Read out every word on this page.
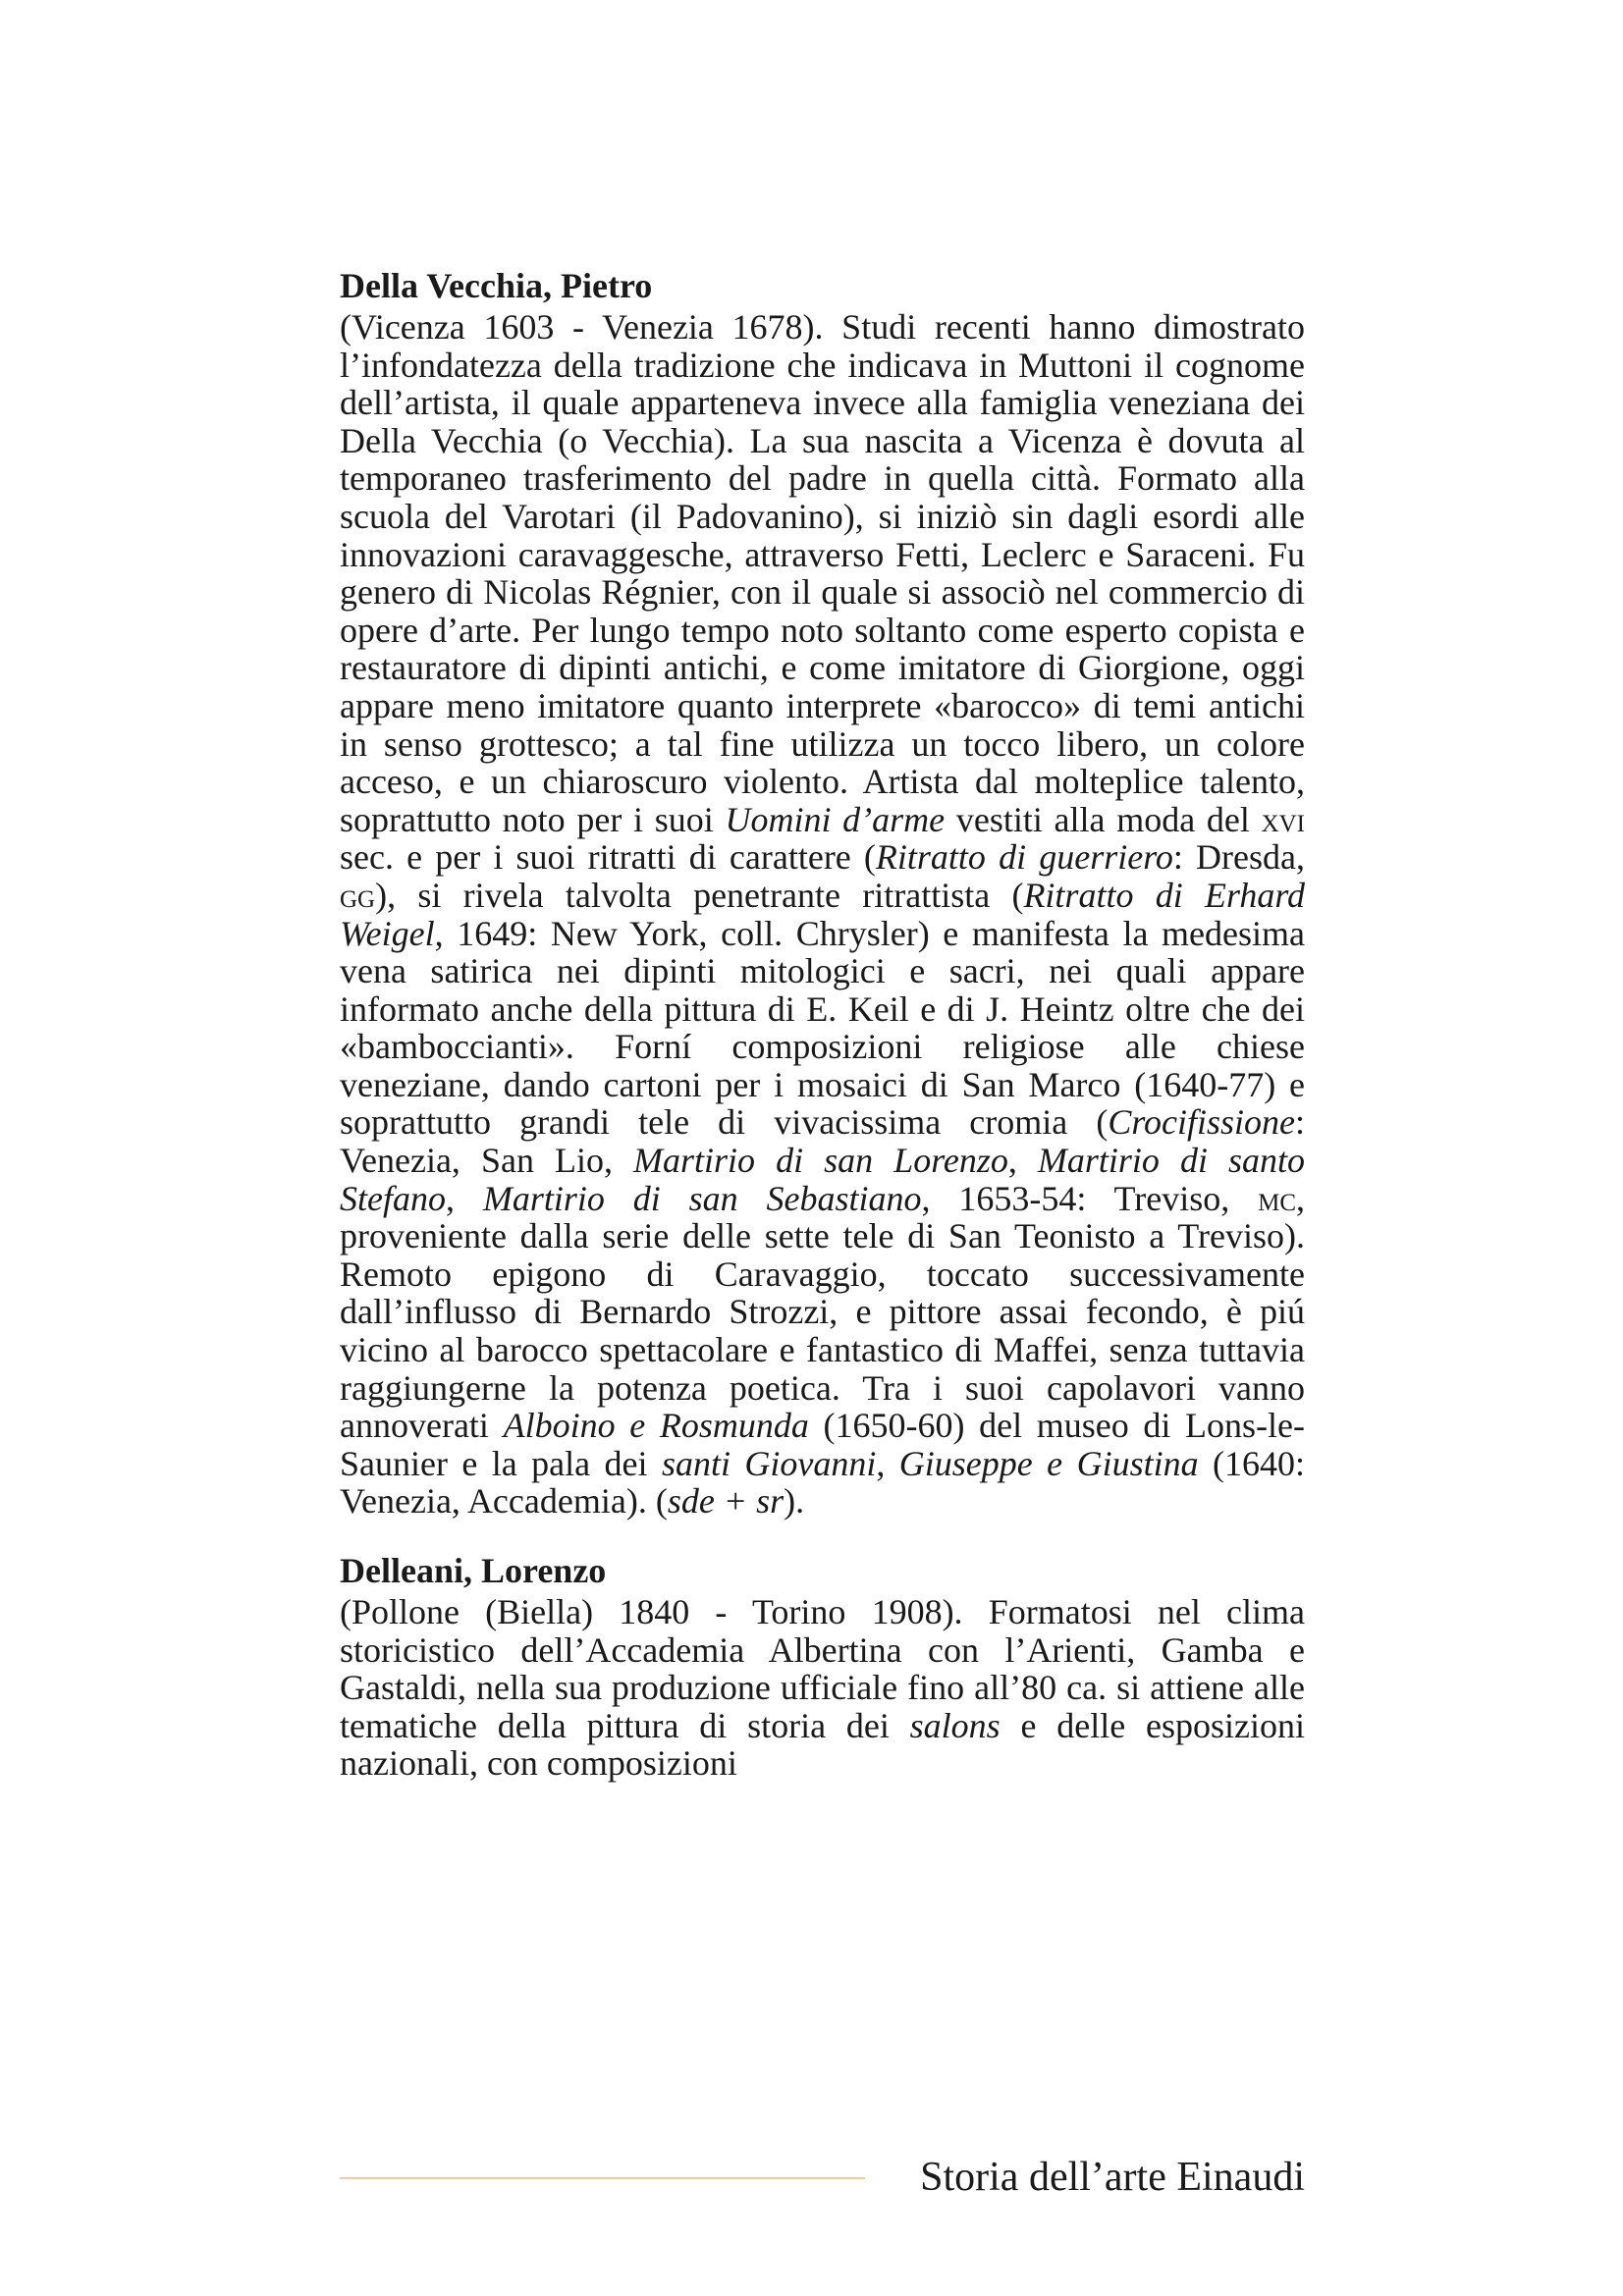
Della Vecchia, Pietro

(Vicenza 1603 - Venezia 1678). Studi recenti hanno dimostrato l’infondatezza della tradizione che indicava in Muttoni il cognome dell’artista, il quale apparteneva invece alla famiglia veneziana dei Della Vecchia (o Vecchia). La sua nascita a Vicenza è dovuta al temporaneo trasferimento del padre in quella città. Formato alla scuola del Varotari (il Padovanino), si iniziò sin dagli esordi alle innovazioni caravaggesche, attraverso Fetti, Leclerc e Saraceni. Fu genero di Nicolas Régnier, con il quale si associò nel commercio di opere d’arte. Per lungo tempo noto soltanto come esperto copista e restauratore di dipinti antichi, e come imitatore di Giorgione, oggi appare meno imitatore quanto interprete «barocco» di temi antichi in senso grottesco; a tal fine utilizza un tocco libero, un colore acceso, e un chiaroscuro violento. Artista dal molteplice talento, soprattutto noto per i suoi Uomini d’arme vestiti alla moda del xvi sec. e per i suoi ritratti di carattere (Ritratto di guerriero: Dresda, gg), si rivela talvolta penetrante ritrattista (Ritratto di Erhard Weigel, 1649: New York, coll. Chrysler) e manifesta la medesima vena satirica nei dipinti mitologici e sacri, nei quali appare informato anche della pittura di E. Keil e di J. Heintz oltre che dei «bamboccianti». Forní composizioni religiose alle chiese veneziane, dando cartoni per i mosaici di San Marco (1640-77) e soprattutto grandi tele di vivacissima cromia (Crocifissione: Venezia, San Lio, Martirio di san Lorenzo, Martirio di santo Stefano, Martirio di san Sebastiano, 1653-54: Treviso, mc, proveniente dalla serie delle sette tele di San Teonisto a Treviso). Remoto epigono di Caravaggio, toccato successivamente dall’influsso di Bernardo Strozzi, e pittore assai fecondo, è piú vicino al barocco spettacolare e fantastico di Maffei, senza tuttavia raggiungerne la potenza poetica. Tra i suoi capolavori vanno annoverati Alboino e Rosmunda (1650-60) del museo di Lons-le-Saunier e la pala dei santi Giovanni, Giuseppe e Giustina (1640: Venezia, Accademia). (sde + sr).

Delleani, Lorenzo

(Pollone (Biella) 1840 - Torino 1908). Formatosi nel clima storicistico dell’Accademia Albertina con l’Arienti, Gamba e Gastaldi, nella sua produzione ufficiale fino all’80 ca. si attiene alle tematiche della pittura di storia dei salons e delle esposizioni nazionali, con composizioni

Storia dell’arte Einaudi
